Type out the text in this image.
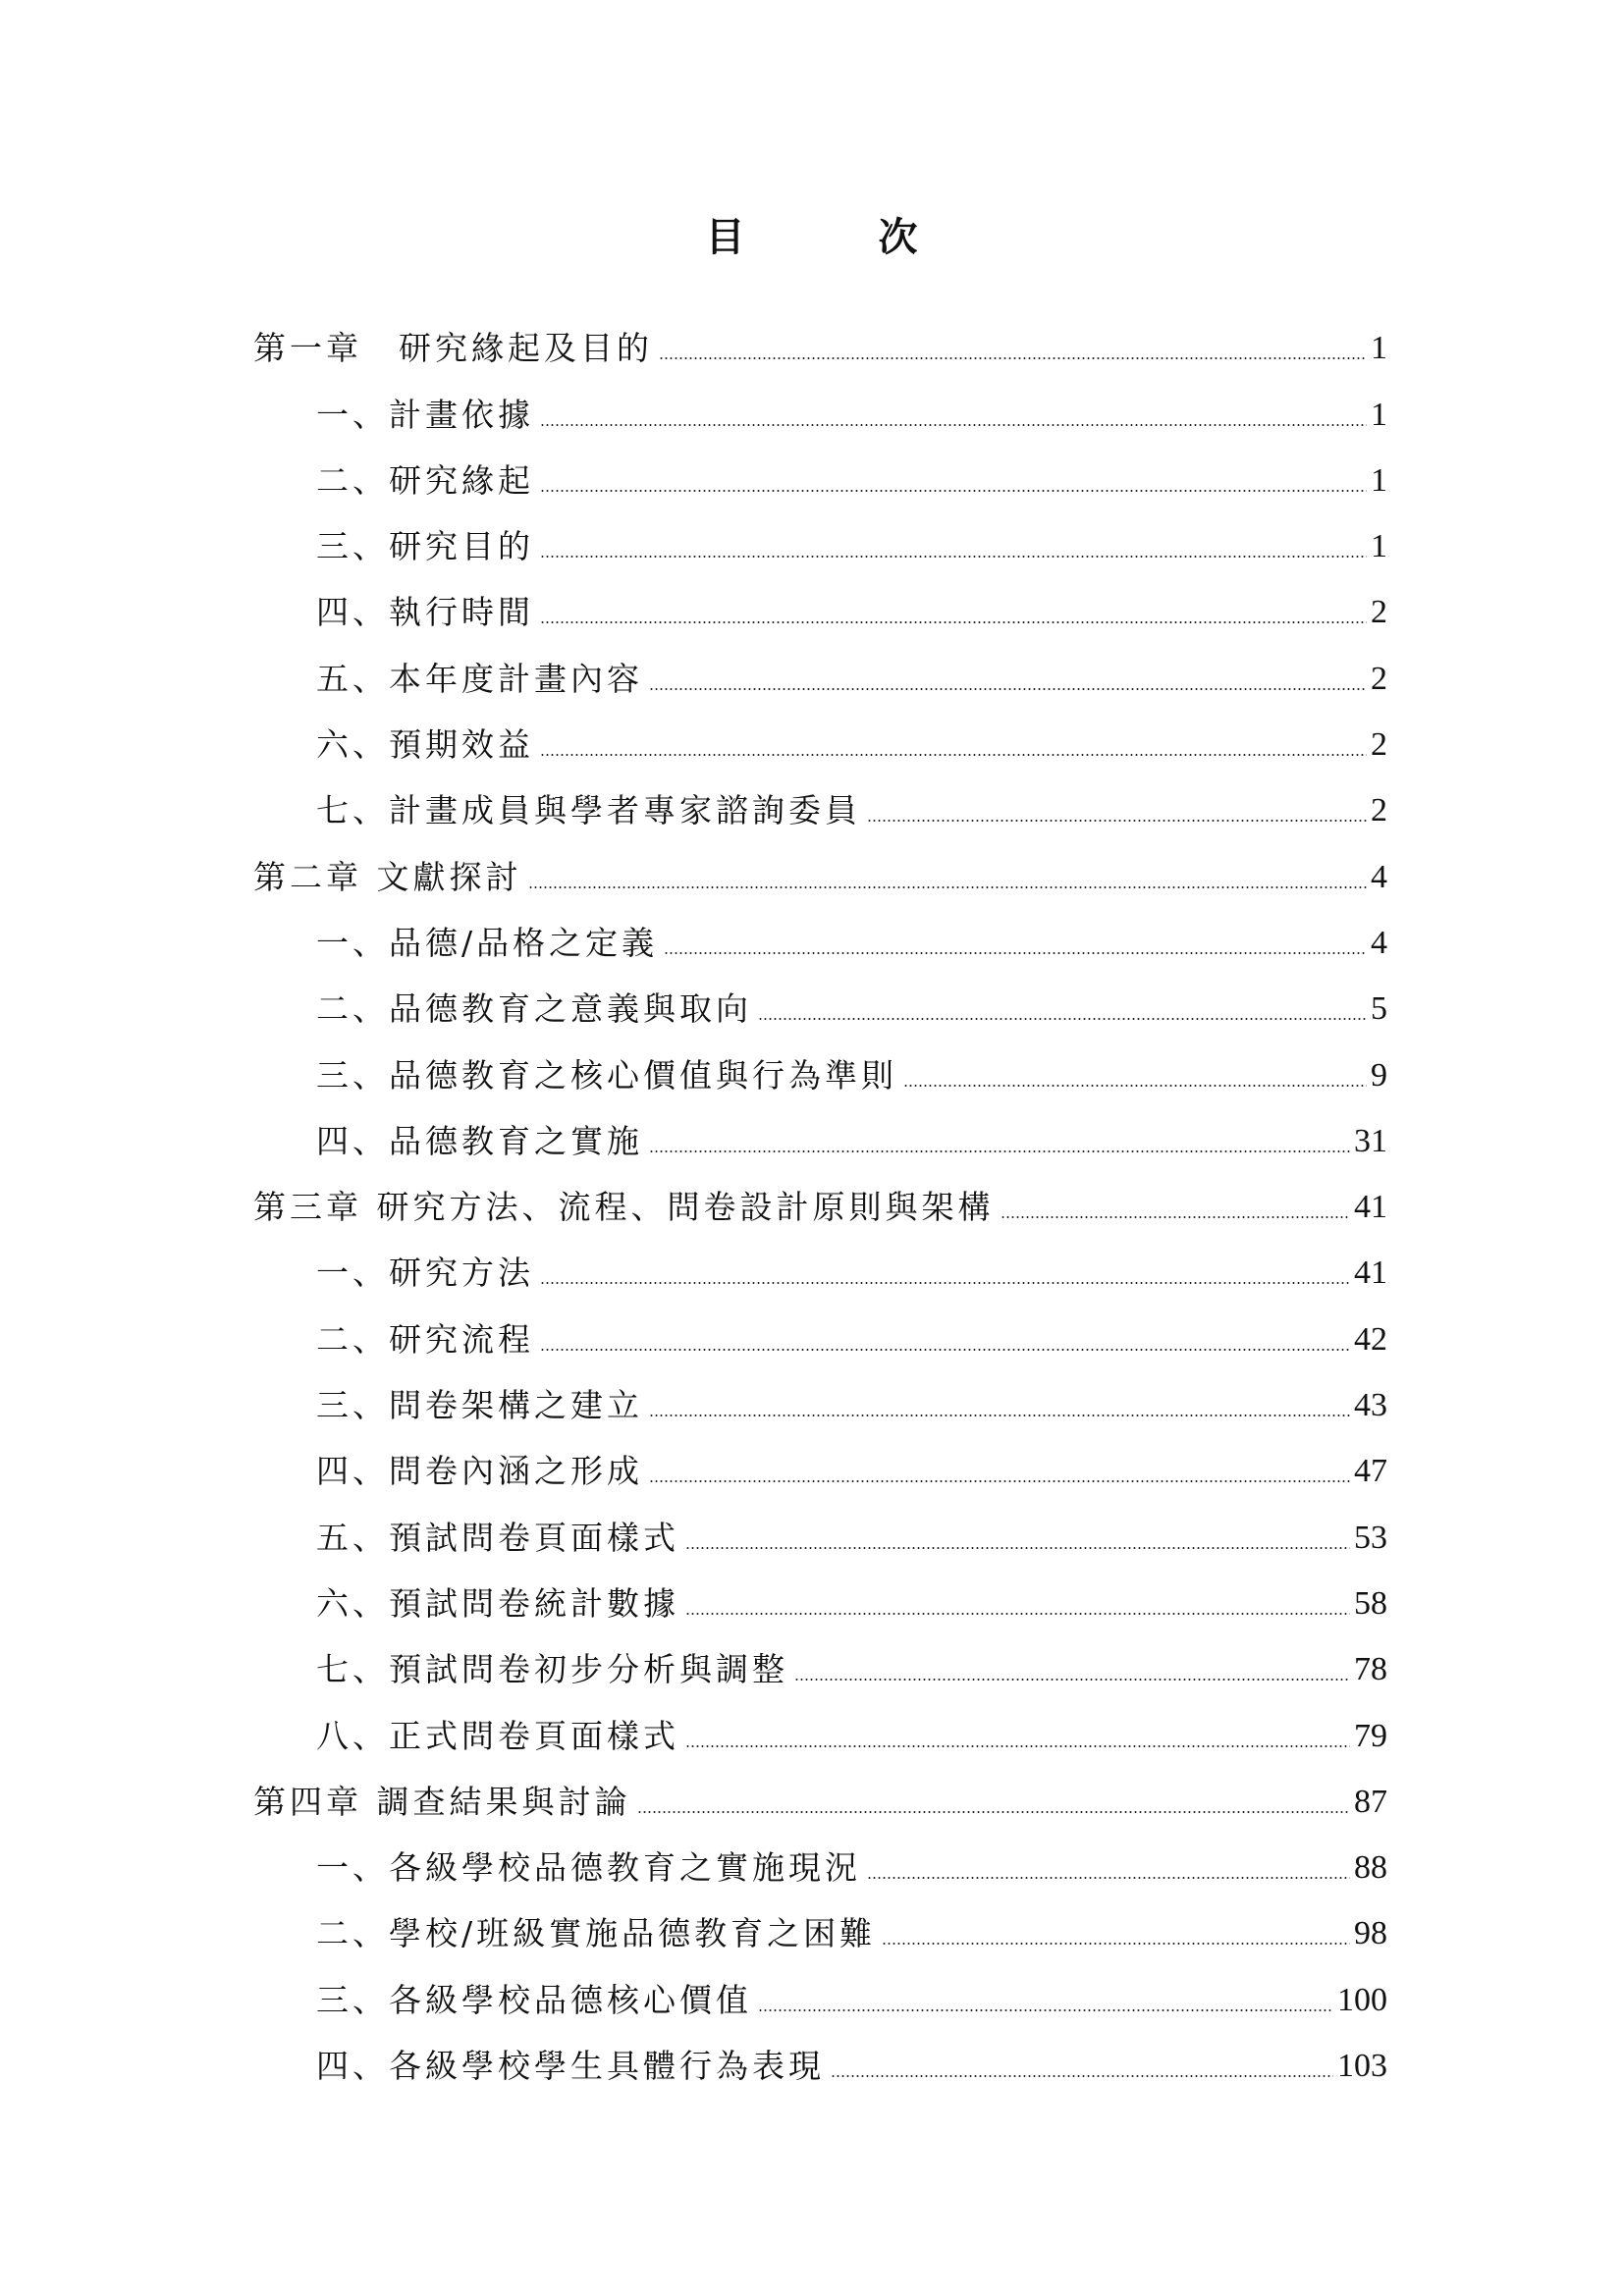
目　次
第一章　研究緣起及目的	1
一、計畫依據	1
二、研究緣起	1
三、研究目的	1
四、執行時間	2
五、本年度計畫內容	2
六、預期效益	2
七、計畫成員與學者專家諮詢委員	2
第二章 文獻探討	4
一、品德/品格之定義	4
二、品德教育之意義與取向	5
三、品德教育之核心價值與行為準則	9
四、品德教育之實施	31
第三章 研究方法、流程、問卷設計原則與架構	41
一、研究方法	41
二、研究流程	42
三、問卷架構之建立	43
四、問卷內涵之形成	47
五、預試問卷頁面樣式	53
六、預試問卷統計數據	58
七、預試問卷初步分析與調整	78
八、正式問卷頁面樣式	79
第四章 調查結果與討論	87
一、各級學校品德教育之實施現況	88
二、學校/班級實施品德教育之困難	98
三、各級學校品德核心價值	100
四、各級學校學生具體行為表現	103
